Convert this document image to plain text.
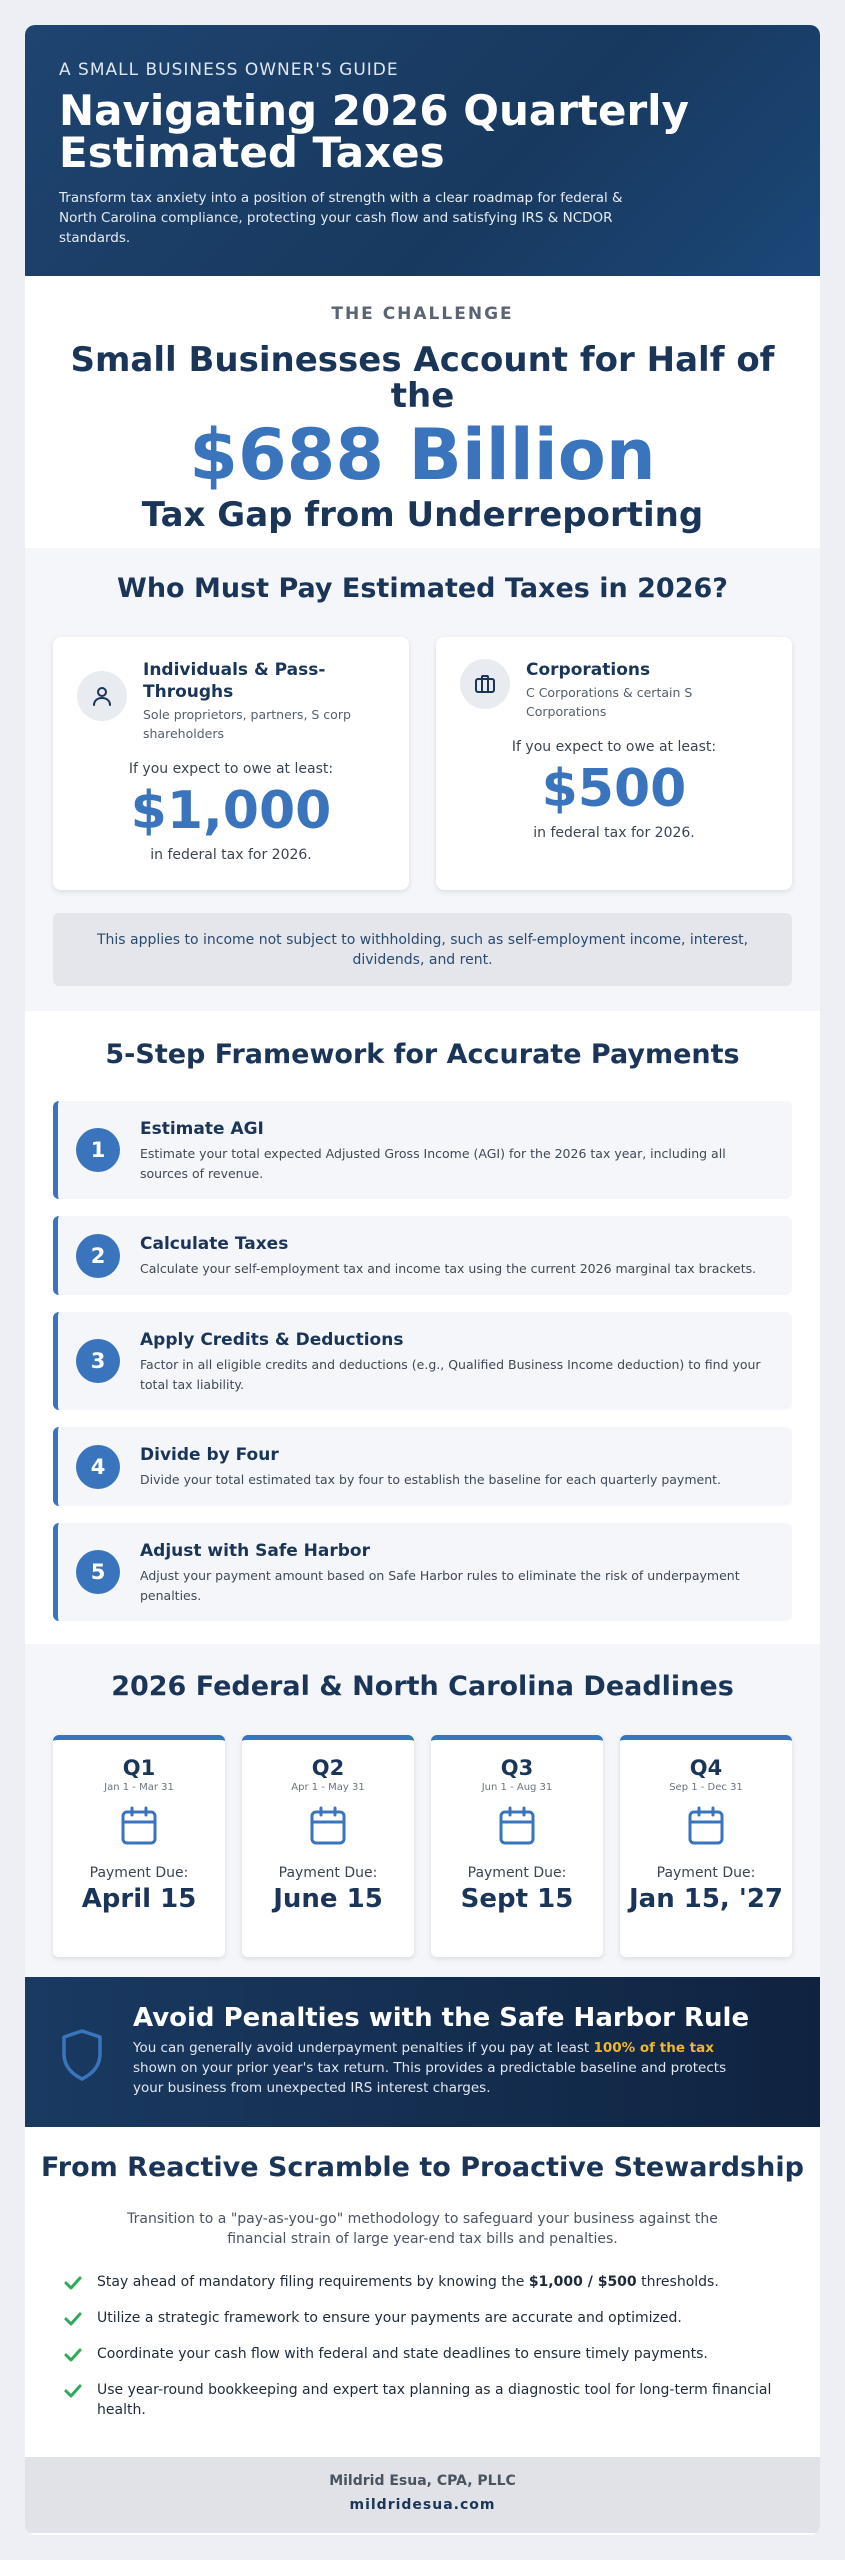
A SMALL BUSINESS OWNER'S GUIDE
Navigating 2026 Quarterly Estimated Taxes
Transform tax anxiety into a position of strength with a clear roadmap for federal & North Carolina compliance, protecting your cash flow and satisfying IRS & NCDOR standards.
THE CHALLENGE
Small Businesses Account for Half of the
$688 Billion
Tax Gap from Underreporting
Who Must Pay Estimated Taxes in 2026?
Individuals & Pass-Throughs
Sole proprietors, partners, S corp shareholders
If you expect to owe at least:
$1,000
in federal tax for 2026.
Corporations
C Corporations & certain S Corporations
If you expect to owe at least:
$500
in federal tax for 2026.
This applies to income not subject to withholding, such as self-employment income, interest, dividends, and rent.
5-Step Framework for Accurate Payments
1
Estimate AGI
Estimate your total expected Adjusted Gross Income (AGI) for the 2026 tax year, including all sources of revenue.
2	Calculate Taxes
Calculate your self-employment tax and income tax using the current 2026 marginal tax brackets.
3
Apply Credits & Deductions
Factor in all eligible credits and deductions (e.g., Qualified Business Income deduction) to find your total tax liability.
4	Divide by Four
Divide your total estimated tax by four to establish the baseline for each quarterly payment.
5
Adjust with Safe Harbor
Adjust your payment amount based on Safe Harbor rules to eliminate the risk of underpayment penalties.
2026 Federal & North Carolina Deadlines
Q1
Jan 1 - Mar 31
Payment Due:
April 15
Q2
Apr 1 - May 31
Payment Due:
June 15
Q3
Jun 1 - Aug 31
Payment Due:
Sept 15
Q4
Sep 1 - Dec 31
Payment Due:
Jan 15, '27
Avoid Penalties with the Safe Harbor Rule
You can generally avoid underpayment penalties if you pay at least 100% of the tax shown on your prior year's tax return. This provides a predictable baseline and protects your business from unexpected IRS interest charges.
From Reactive Scramble to Proactive Stewardship
Transition to a "pay-as-you-go" methodology to safeguard your business against the financial strain of large year-end tax bills and penalties.
Stay ahead of mandatory filing requirements by knowing the $1,000 / $500 thresholds.
Utilize a strategic framework to ensure your payments are accurate and optimized.
Coordinate your cash flow with federal and state deadlines to ensure timely payments.
Use year-round bookkeeping and expert tax planning as a diagnostic tool for long-term financial health.
Mildrid Esua, CPA, PLLC
mildridesua.com
